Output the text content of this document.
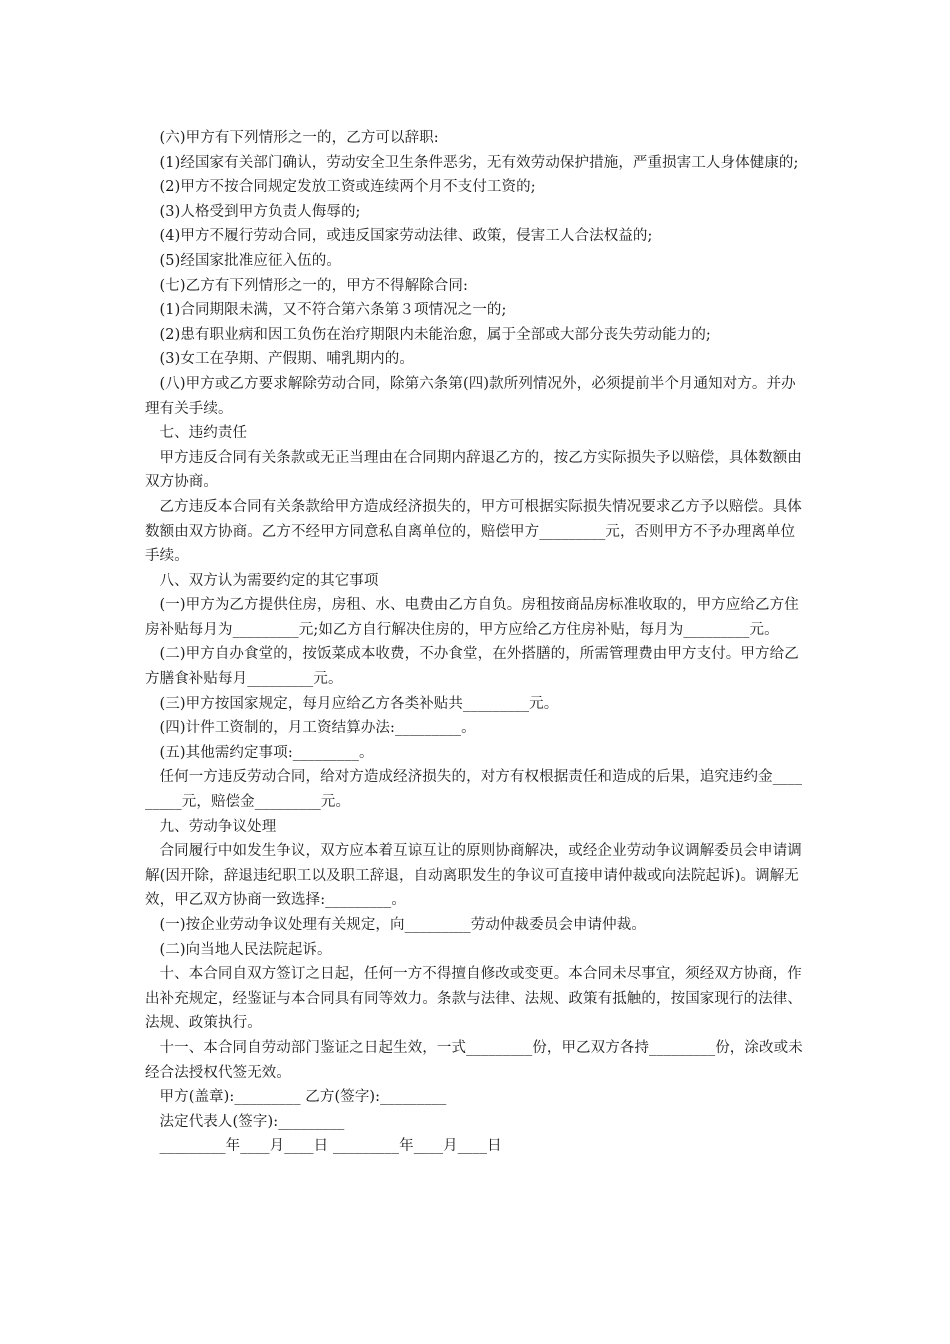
(六)甲方有下列情形之一的，乙方可以辞职:

(1)经国家有关部门确认，劳动安全卫生条件恶劣，无有效劳动保护措施，严重损害工人身体健康的;

(2)甲方不按合同规定发放工资或连续两个月不支付工资的;

(3)人格受到甲方负责人侮辱的;

(4)甲方不履行劳动合同，或违反国家劳动法律、政策，侵害工人合法权益的;

(5)经国家批准应征入伍的。

(七)乙方有下列情形之一的，甲方不得解除合同:

(1)合同期限未满，又不符合第六条第３项情况之一的;

(2)患有职业病和因工负伤在治疗期限内未能治愈，属于全部或大部分丧失劳动能力的;

(3)女工在孕期、产假期、哺乳期内的。

(八)甲方或乙方要求解除劳动合同，除第六条第(四)款所列情况外，必须提前半个月通知对方。并办理有关手续。

七、违约责任

甲方违反合同有关条款或无正当理由在合同期内辞退乙方的，按乙方实际损失予以赔偿，具体数额由双方协商。

乙方违反本合同有关条款给甲方造成经济损失的，甲方可根据实际损失情况要求乙方予以赔偿。具体数额由双方协商。乙方不经甲方同意私自离单位的，赔偿甲方_________元，否则甲方不予办理离单位手续。

八、双方认为需要约定的其它事项

(一)甲方为乙方提供住房，房租、水、电费由乙方自负。房租按商品房标准收取的，甲方应给乙方住房补贴每月为_________元;如乙方自行解决住房的，甲方应给乙方住房补贴，每月为_________元。

(二)甲方自办食堂的，按饭菜成本收费，不办食堂，在外搭膳的，所需管理费由甲方支付。甲方给乙方膳食补贴每月_________元。

(三)甲方按国家规定，每月应给乙方各类补贴共_________元。

(四)计件工资制的，月工资结算办法:_________。

(五)其他需约定事项:_________。

任何一方违反劳动合同，给对方造成经济损失的，对方有权根据责任和造成的后果，追究违约金_________元，赔偿金_________元。

九、劳动争议处理

合同履行中如发生争议，双方应本着互谅互让的原则协商解决，或经企业劳动争议调解委员会申请调解(因开除，辞退违纪职工以及职工辞退，自动离职发生的争议可直接申请仲裁或向法院起诉)。调解无效，甲乙双方协商一致选择:_________。

(一)按企业劳动争议处理有关规定，向_________劳动仲裁委员会申请仲裁。

(二)向当地人民法院起诉。

十、本合同自双方签订之日起，任何一方不得擅自修改或变更。本合同未尽事宜，须经双方协商，作出补充规定，经鉴证与本合同具有同等效力。条款与法律、法规、政策有抵触的，按国家现行的法律、法规、政策执行。

十一、本合同自劳动部门鉴证之日起生效，一式_________份，甲乙双方各持_________份，涂改或未经合法授权代签无效。

甲方(盖章):_________ 乙方(签字):_________

法定代表人(签字):_________

_________年____月____日 _________年____月____日
